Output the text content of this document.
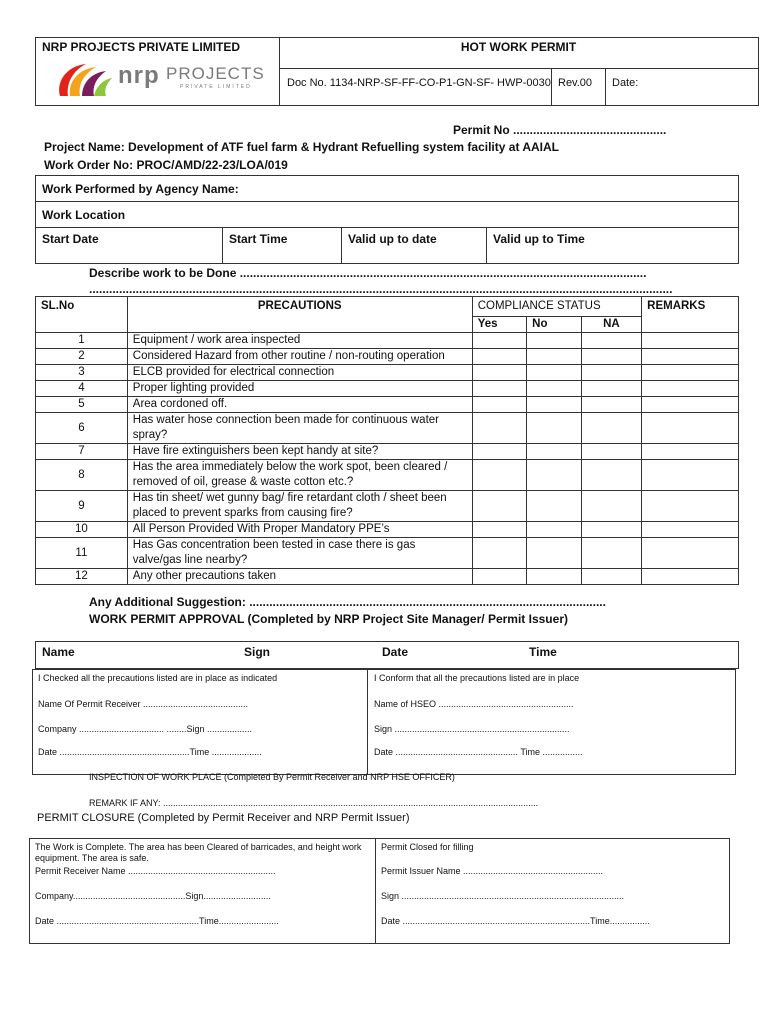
NRP PROJECTS PRIVATE LIMITED
nrp PROJECTS
PRIVATE LIMITED
HOT WORK PERMIT
Doc No. 1134-NRP-SF-FF-CO-P1-GN-SF- HWP-0030 Rev.00 Date:
Permit No ..............................................
Project Name: Development of ATF fuel farm & Hydrant Refuelling system facility at AAIAL
Work Order No: PROC/AMD/22-23/LOA/019
Work Performed by Agency Name:
Work Location
Start Date	Start Time	Valid up to date	Valid up to Time
Describe work to be Done ..........................................................................................................................
...............................................................................................................................................................................
SL.No	PRECAUTIONS	COMPLIANCE STATUS			REMARKS
		Yes	No	NA	
1	Equipment / work area inspected				
2	Considered Hazard from other routine / non-routing operation				
3	ELCB provided for electrical connection				
4	Proper lighting provided				
5	Area cordoned off.				
6	Has water hose connection been made for continuous water spray?				
7	Have fire extinguishers been kept handy at site?				
8	Has the area immediately below the work spot, been cleared / removed of oil, grease & waste cotton etc.?				
9	Has tin sheet/ wet gunny bag/ fire retardant cloth / sheet been placed to prevent sparks from causing fire?				
10	All Person Provided With Proper Mandatory PPE’s				
11	Has Gas concentration been tested in case there is gas valve/gas line nearby?				
12	Any other precautions taken				
Any Additional Suggestion: ...........................................................................................................
WORK PERMIT APPROVAL (Completed by NRP Project Site Manager/ Permit Issuer)
Name	Sign	Date	Time
I Checked all the precautions listed are in place as indicated
Name Of Permit Receiver ..........................................
Company .................................. ........Sign ..................
Date ....................................................Time ....................
I Conform that all the precautions listed are in place
Name of HSEO ......................................................
Sign ......................................................................
Date ................................................. Time ................
INSPECTION OF WORK PLACE (Completed By Permit Receiver and NRP HSE OFFICER)
REMARK IF ANY: ......................................................................................................................................................
PERMIT CLOSURE (Completed by Permit Receiver and NRP Permit Issuer)
The Work is Complete. The area has been Cleared of barricades, and height work equipment. The area is safe.
Permit Receiver Name ...........................................................
Company.............................................Sign...........................
Date .........................................................Time........................
Permit Closed for filling
Permit Issuer Name ........................................................
Sign .........................................................................................
Date ...........................................................................Time................
